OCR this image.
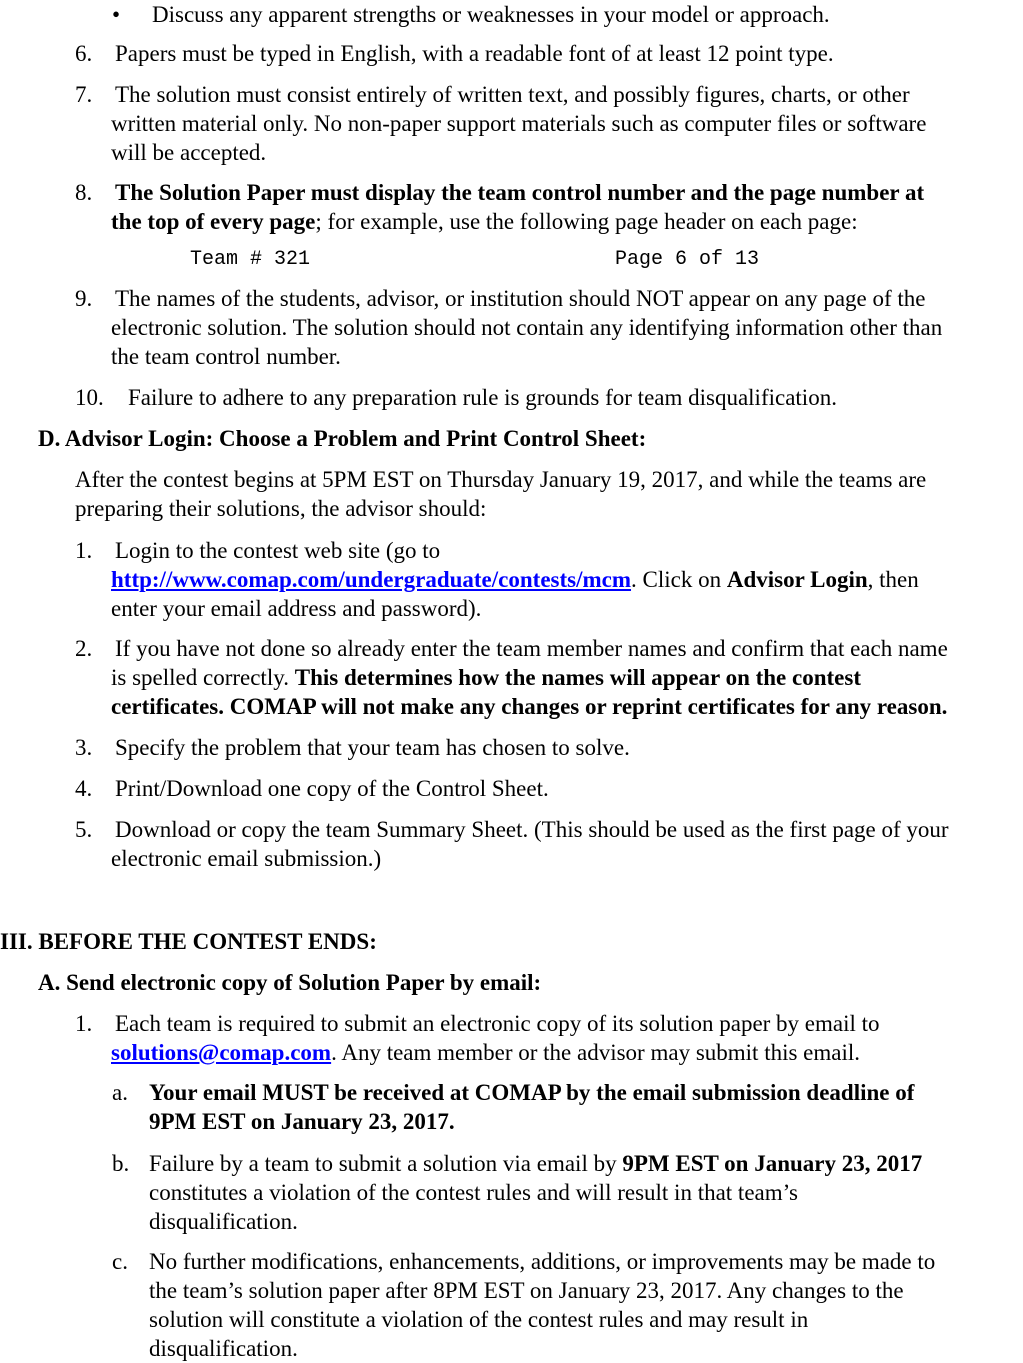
• Discuss any apparent strengths or weaknesses in your model or approach.
6. Papers must be typed in English, with a readable font of at least 12 point type.
7. The solution must consist entirely of written text, and possibly figures, charts, or other
written material only. No non-paper support materials such as computer files or software
will be accepted.
8. The Solution Paper must display the team control number and the page number at
the top of every page; for example, use the following page header on each page:
Team # 321	Page 6 of 13
9. The names of the students, advisor, or institution should NOT appear on any page of the
electronic solution. The solution should not contain any identifying information other than
the team control number.
10. Failure to adhere to any preparation rule is grounds for team disqualification.
D. Advisor Login: Choose a Problem and Print Control Sheet:
After the contest begins at 5PM EST on Thursday January 19, 2017, and while the teams are
preparing their solutions, the advisor should:
1. Login to the contest web site (go to
http://www.comap.com/undergraduate/contests/mcm. Click on Advisor Login, then
enter your email address and password).
2. If you have not done so already enter the team member names and confirm that each name
is spelled correctly. This determines how the names will appear on the contest
certificates. COMAP will not make any changes or reprint certificates for any reason.
3. Specify the problem that your team has chosen to solve.
4. Print/Download one copy of the Control Sheet.
5. Download or copy the team Summary Sheet. (This should be used as the first page of your
electronic email submission.)
III. BEFORE THE CONTEST ENDS:
A. Send electronic copy of Solution Paper by email:
1. Each team is required to submit an electronic copy of its solution paper by email to
solutions@comap.com. Any team member or the advisor may submit this email.
a. Your email MUST be received at COMAP by the email submission deadline of
9PM EST on January 23, 2017.
b. Failure by a team to submit a solution via email by 9PM EST on January 23, 2017
constitutes a violation of the contest rules and will result in that team’s
disqualification.
c. No further modifications, enhancements, additions, or improvements may be made to
the team’s solution paper after 8PM EST on January 23, 2017. Any changes to the
solution will constitute a violation of the contest rules and may result in
disqualification.
